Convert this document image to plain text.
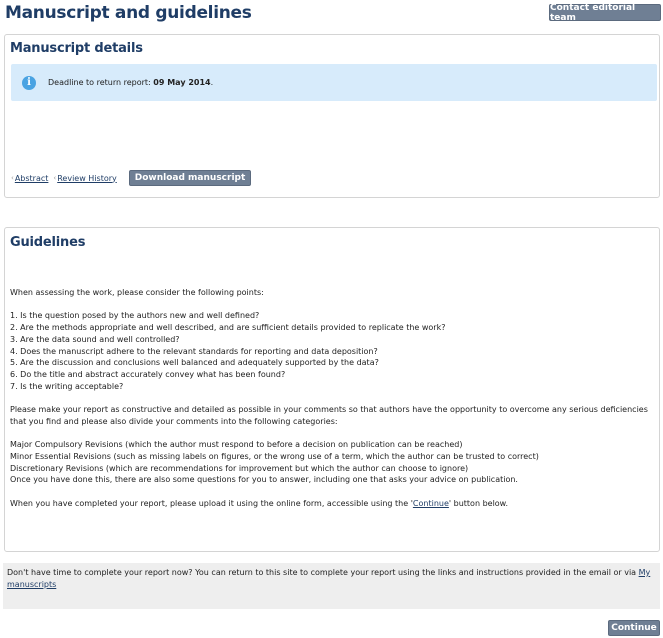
Manuscript and guidelines	Contact editorial team
Manuscript details
i	Deadline to return report: 09 May 2014.
‹ Abstract ‹ Review History	Download manuscript
Guidelines

When assessing the work, please consider the following points:

1. Is the question posed by the authors new and well defined?

2. Are the methods appropriate and well described, and are sufficient details provided to replicate the work?

3. Are the data sound and well controlled?

4. Does the manuscript adhere to the relevant standards for reporting and data deposition?

5. Are the discussion and conclusions well balanced and adequately supported by the data?

6. Do the title and abstract accurately convey what has been found?

7. Is the writing acceptable?

Please make your report as constructive and detailed as possible in your comments so that authors have the opportunity to overcome any serious deficiencies that you find and please also divide your comments into the following categories:

Major Compulsory Revisions (which the author must respond to before a decision on publication can be reached)

Minor Essential Revisions (such as missing labels on figures, or the wrong use of a term, which the author can be trusted to correct)

Discretionary Revisions (which are recommendations for improvement but which the author can choose to ignore)

Once you have done this, there are also some questions for you to answer, including one that asks your advice on publication.

When you have completed your report, please upload it using the online form, accessible using the 'Continue' button below.

Don't have time to complete your report now? You can return to this site to complete your report using the links and instructions provided in the email or via My manuscripts
Continue
